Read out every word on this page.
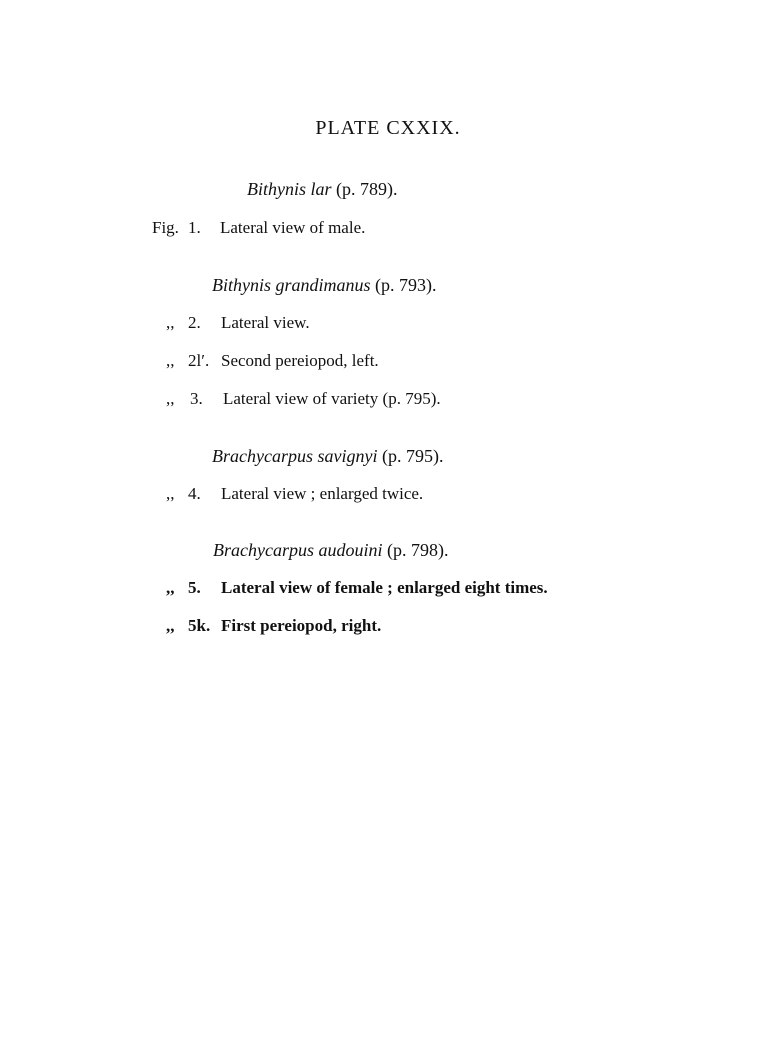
PLATE CXXIX.
Bithynis lar (p. 789).
Fig. 1. Lateral view of male.
Bithynis grandimanus (p. 793).
,, 2. Lateral view.
,, 2l′. Second pereiopod, left.
,, 3. Lateral view of variety (p. 795).
Brachycarpus savignyi (p. 795).
,, 4. Lateral view ; enlarged twice.
Brachycarpus audouini (p. 798).
,, 5. Lateral view of female ; enlarged eight times.
,, 5k. First pereiopod, right.
